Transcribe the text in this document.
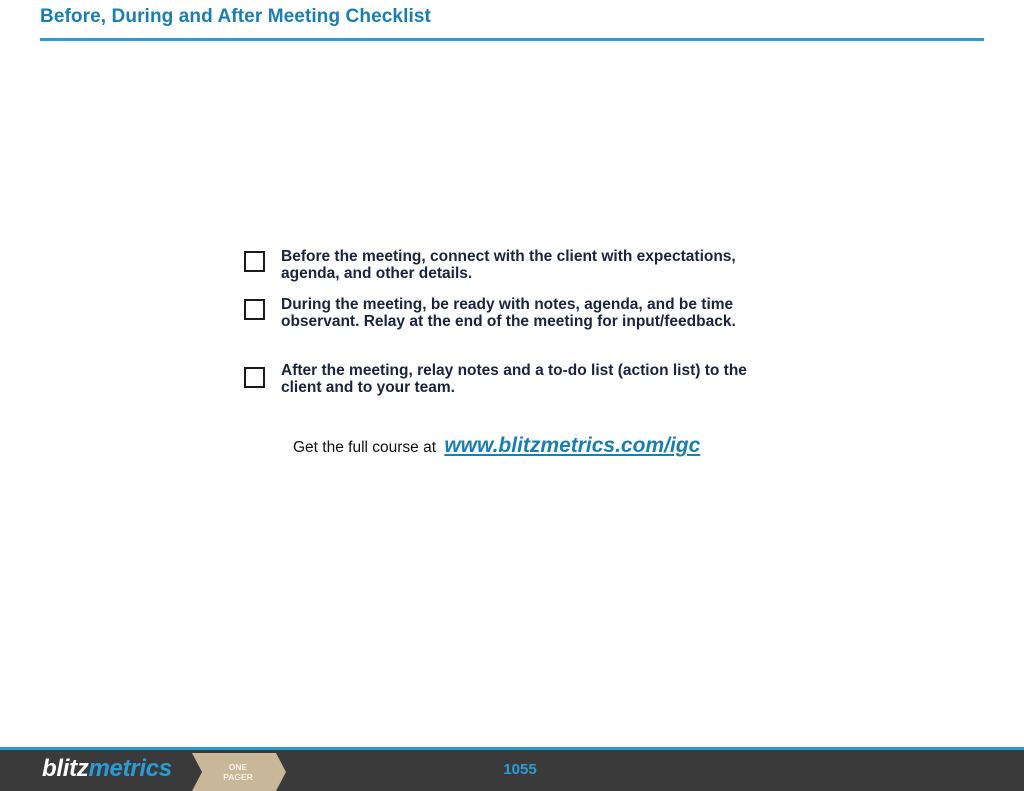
Before, During and After Meeting Checklist
Before the meeting, connect with the client with expectations,
agenda, and other details.
During the meeting, be ready with notes, agenda, and be time
observant. Relay at the end of the meeting for input/feedback.
After the meeting, relay notes and a to-do list (action list) to the
client and to your team.
Get the full course at www.blitzmetrics.com/igc
blitzmetrics	ONE
PAGER	1055
